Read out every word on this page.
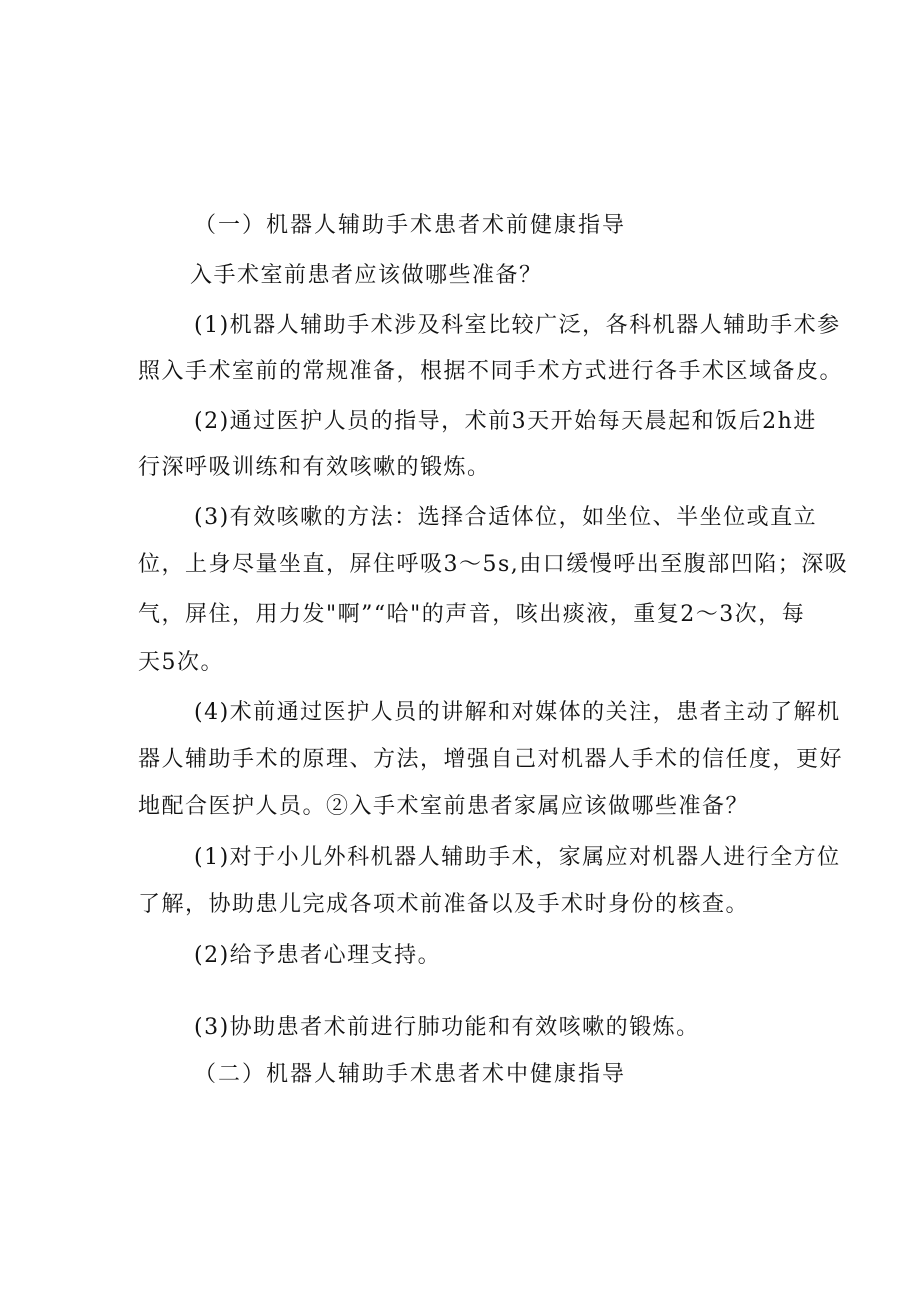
（一）机器人辅助手术患者术前健康指导
入手术室前患者应该做哪些准备？
(1)机器人辅助手术涉及科室比较广泛，各科机器人辅助手术参
照入手术室前的常规准备，根据不同手术方式进行各手术区域备皮。
(2)通过医护人员的指导，术前3天开始每天晨起和饭后2h进
行深呼吸训练和有效咳嗽的锻炼。
(3)有效咳嗽的方法：选择合适体位，如坐位、半坐位或直立
位，上身尽量坐直，屏住呼吸3～5s,由口缓慢呼出至腹部凹陷；深吸
气，屏住，用力发"啊”“哈"的声音，咳出痰液，重复2～3次，每
天5次。
(4)术前通过医护人员的讲解和对媒体的关注，患者主动了解机
器人辅助手术的原理、方法，增强自己对机器人手术的信任度，更好
地配合医护人员。②入手术室前患者家属应该做哪些准备？
(1)对于小儿外科机器人辅助手术，家属应对机器人进行全方位
了解，协助患儿完成各项术前准备以及手术时身份的核查。
(2)给予患者心理支持。
(3)协助患者术前进行肺功能和有效咳嗽的锻炼。
（二）机器人辅助手术患者术中健康指导
